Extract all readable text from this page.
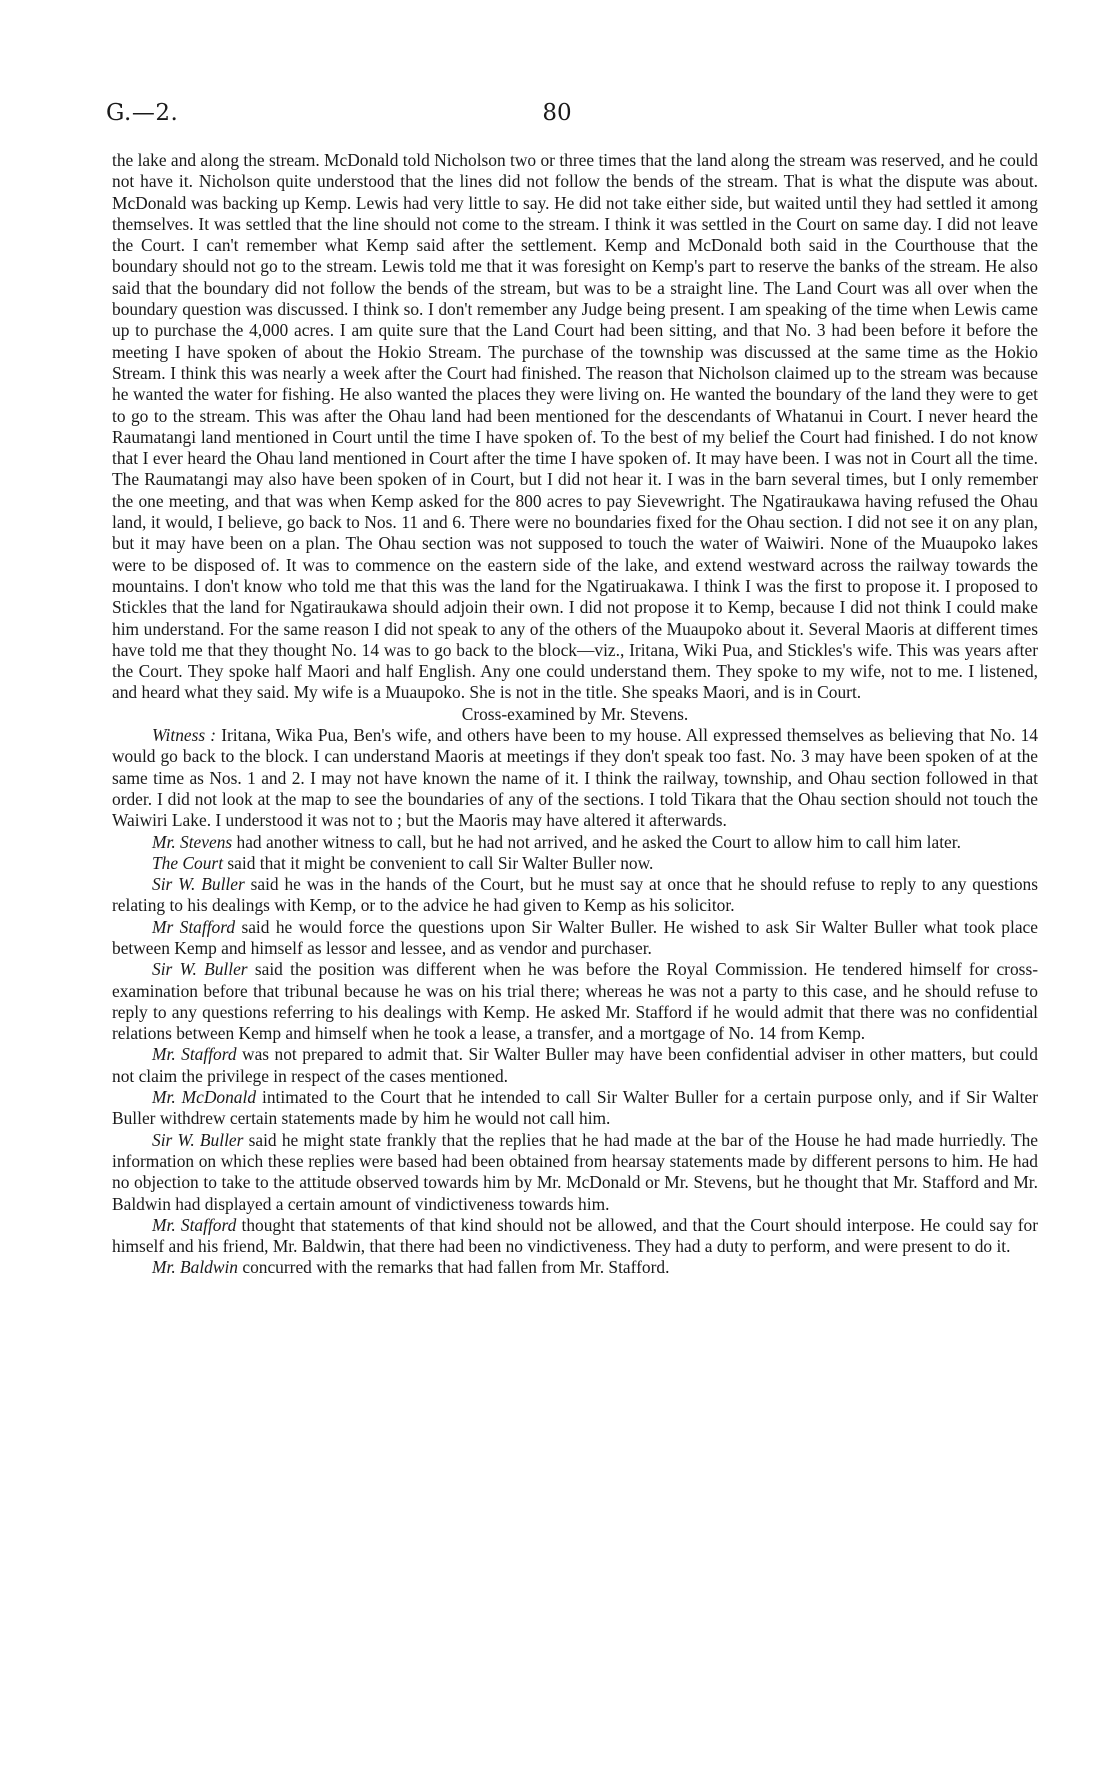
G.—2.	80

the lake and along the stream. McDonald told Nicholson two or three times that the land along the stream was reserved, and he could not have it. Nicholson quite understood that the lines did not follow the bends of the stream. That is what the dispute was about. McDonald was backing up Kemp. Lewis had very little to say. He did not take either side, but waited until they had settled it among themselves. It was settled that the line should not come to the stream. I think it was settled in the Court on same day. I did not leave the Court. I can't remember what Kemp said after the settlement. Kemp and McDonald both said in the Courthouse that the boundary should not go to the stream. Lewis told me that it was foresight on Kemp's part to reserve the banks of the stream. He also said that the boundary did not follow the bends of the stream, but was to be a straight line. The Land Court was all over when the boundary question was discussed. I think so. I don't remember any Judge being present. I am speaking of the time when Lewis came up to purchase the 4,000 acres. I am quite sure that the Land Court had been sitting, and that No. 3 had been before it before the meeting I have spoken of about the Hokio Stream. The purchase of the township was discussed at the same time as the Hokio Stream. I think this was nearly a week after the Court had finished. The reason that Nicholson claimed up to the stream was because he wanted the water for fishing. He also wanted the places they were living on. He wanted the boundary of the land they were to get to go to the stream. This was after the Ohau land had been mentioned for the descendants of Whatanui in Court. I never heard the Raumatangi land mentioned in Court until the time I have spoken of. To the best of my belief the Court had finished. I do not know that I ever heard the Ohau land mentioned in Court after the time I have spoken of. It may have been. I was not in Court all the time. The Raumatangi may also have been spoken of in Court, but I did not hear it. I was in the barn several times, but I only remember the one meeting, and that was when Kemp asked for the 800 acres to pay Sievewright. The Ngatiraukawa having refused the Ohau land, it would, I believe, go back to Nos. 11 and 6. There were no boundaries fixed for the Ohau section. I did not see it on any plan, but it may have been on a plan. The Ohau section was not supposed to touch the water of Waiwiri. None of the Muaupoko lakes were to be disposed of. It was to commence on the eastern side of the lake, and extend westward across the railway towards the mountains. I don't know who told me that this was the land for the Ngatiruakawa. I think I was the first to propose it. I proposed to Stickles that the land for Ngatiraukawa should adjoin their own. I did not propose it to Kemp, because I did not think I could make him understand. For the same reason I did not speak to any of the others of the Muaupoko about it. Several Maoris at different times have told me that they thought No. 14 was to go back to the block—viz., Iritana, Wiki Pua, and Stickles's wife. This was years after the Court. They spoke half Maori and half English. Any one could understand them. They spoke to my wife, not to me. I listened, and heard what they said. My wife is a Muaupoko. She is not in the title. She speaks Maori, and is in Court.

Cross-examined by Mr. Stevens.

Witness : Iritana, Wika Pua, Ben's wife, and others have been to my house. All expressed themselves as believing that No. 14 would go back to the block. I can understand Maoris at meetings if they don't speak too fast. No. 3 may have been spoken of at the same time as Nos. 1 and 2. I may not have known the name of it. I think the railway, township, and Ohau section followed in that order. I did not look at the map to see the boundaries of any of the sections. I told Tikara that the Ohau section should not touch the Waiwiri Lake. I understood it was not to ; but the Maoris may have altered it afterwards.

Mr. Stevens had another witness to call, but he had not arrived, and he asked the Court to allow him to call him later.

The Court said that it might be convenient to call Sir Walter Buller now.

Sir W. Buller said he was in the hands of the Court, but he must say at once that he should refuse to reply to any questions relating to his dealings with Kemp, or to the advice he had given to Kemp as his solicitor.

Mr Stafford said he would force the questions upon Sir Walter Buller. He wished to ask Sir Walter Buller what took place between Kemp and himself as lessor and lessee, and as vendor and purchaser.

Sir W. Buller said the position was different when he was before the Royal Commission. He tendered himself for cross-examination before that tribunal because he was on his trial there; whereas he was not a party to this case, and he should refuse to reply to any questions referring to his dealings with Kemp. He asked Mr. Stafford if he would admit that there was no confidential relations between Kemp and himself when he took a lease, a transfer, and a mortgage of No. 14 from Kemp.

Mr. Stafford was not prepared to admit that. Sir Walter Buller may have been confidential adviser in other matters, but could not claim the privilege in respect of the cases mentioned.

Mr. McDonald intimated to the Court that he intended to call Sir Walter Buller for a certain purpose only, and if Sir Walter Buller withdrew certain statements made by him he would not call him.

Sir W. Buller said he might state frankly that the replies that he had made at the bar of the House he had made hurriedly. The information on which these replies were based had been obtained from hearsay statements made by different persons to him. He had no objection to take to the attitude observed towards him by Mr. McDonald or Mr. Stevens, but he thought that Mr. Stafford and Mr. Baldwin had displayed a certain amount of vindictiveness towards him.

Mr. Stafford thought that statements of that kind should not be allowed, and that the Court should interpose. He could say for himself and his friend, Mr. Baldwin, that there had been no vindictiveness. They had a duty to perform, and were present to do it.

Mr. Baldwin concurred with the remarks that had fallen from Mr. Stafford.
